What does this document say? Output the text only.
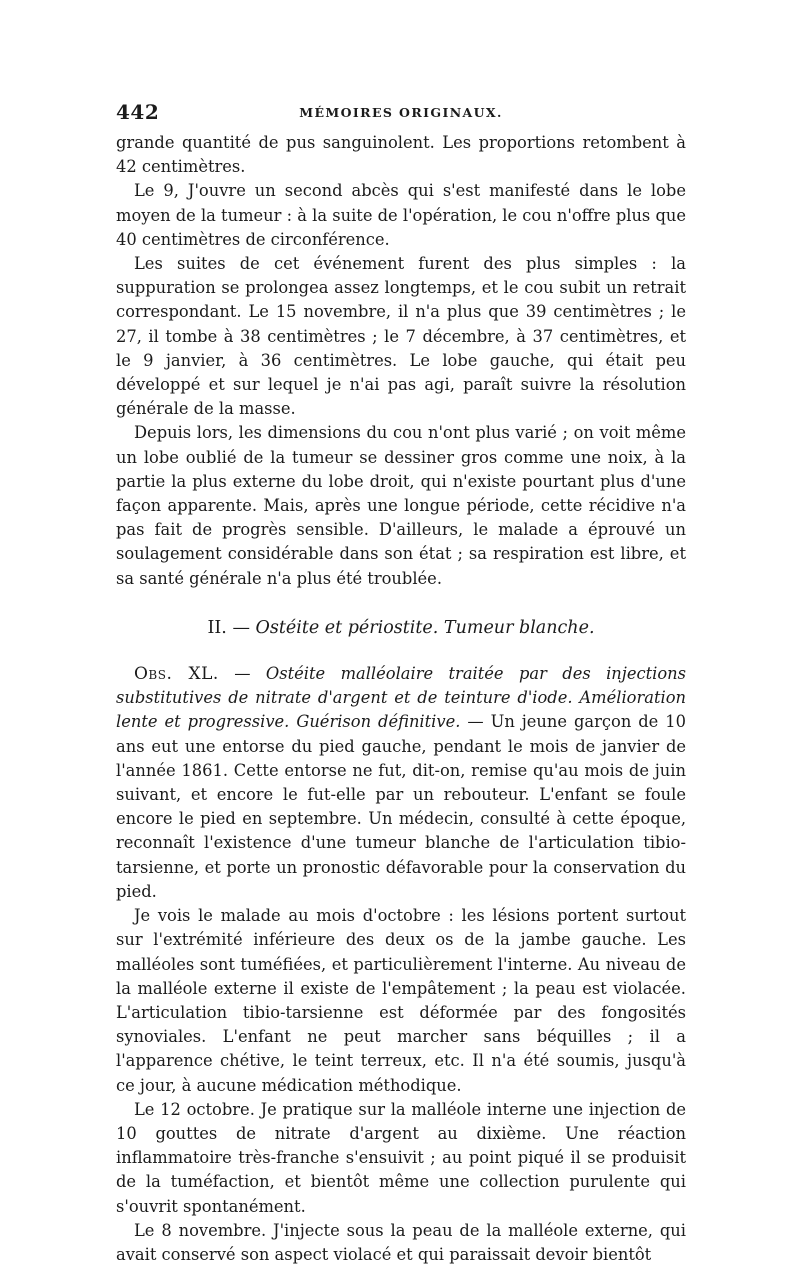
442	MÉMOIRES ORIGINAUX.

grande quantité de pus sanguinolent. Les proportions retombent à 42 centimètres.

Le 9, J'ouvre un second abcès qui s'est manifesté dans le lobe moyen de la tumeur : à la suite de l'opération, le cou n'offre plus que 40 centimètres de circonférence.

Les suites de cet événement furent des plus simples : la suppuration se prolongea assez longtemps, et le cou subit un retrait correspondant. Le 15 novembre, il n'a plus que 39 centimètres ; le 27, il tombe à 38 centimètres ; le 7 décembre, à 37 centimètres, et le 9 janvier, à 36 centimètres. Le lobe gauche, qui était peu développé et sur lequel je n'ai pas agi, paraît suivre la résolution générale de la masse.

Depuis lors, les dimensions du cou n'ont plus varié ; on voit même un lobe oublié de la tumeur se dessiner gros comme une noix, à la partie la plus externe du lobe droit, qui n'existe pourtant plus d'une façon apparente. Mais, après une longue période, cette récidive n'a pas fait de progrès sensible. D'ailleurs, le malade a éprouvé un soulagement considérable dans son état ; sa respiration est libre, et sa santé générale n'a plus été troublée.

II. — Ostéite et périostite. Tumeur blanche.

Obs. XL. — Ostéite malléolaire traitée par des injections substitutives de nitrate d'argent et de teinture d'iode. Amélioration lente et progressive. Guérison définitive. — Un jeune garçon de 10 ans eut une entorse du pied gauche, pendant le mois de janvier de l'année 1861. Cette entorse ne fut, dit-on, remise qu'au mois de juin suivant, et encore le fut-elle par un rebouteur. L'enfant se foule encore le pied en septembre. Un médecin, consulté à cette époque, reconnaît l'existence d'une tumeur blanche de l'articulation tibio-tarsienne, et porte un pronostic défavorable pour la conservation du pied.

Je vois le malade au mois d'octobre : les lésions portent surtout sur l'extrémité inférieure des deux os de la jambe gauche. Les malléoles sont tuméfiées, et particulièrement l'interne. Au niveau de la malléole externe il existe de l'empâtement ; la peau est violacée. L'articulation tibio-tarsienne est déformée par des fongosités synoviales. L'enfant ne peut marcher sans béquilles ; il a l'apparence chétive, le teint terreux, etc. Il n'a été soumis, jusqu'à ce jour, à aucune médication méthodique.

Le 12 octobre. Je pratique sur la malléole interne une injection de 10 gouttes de nitrate d'argent au dixième. Une réaction inflammatoire très-franche s'ensuivit ; au point piqué il se produisit de la tuméfaction, et bientôt même une collection purulente qui s'ouvrit spontanément.

Le 8 novembre. J'injecte sous la peau de la malléole externe, qui avait conservé son aspect violacé et qui paraissait devoir bientôt
